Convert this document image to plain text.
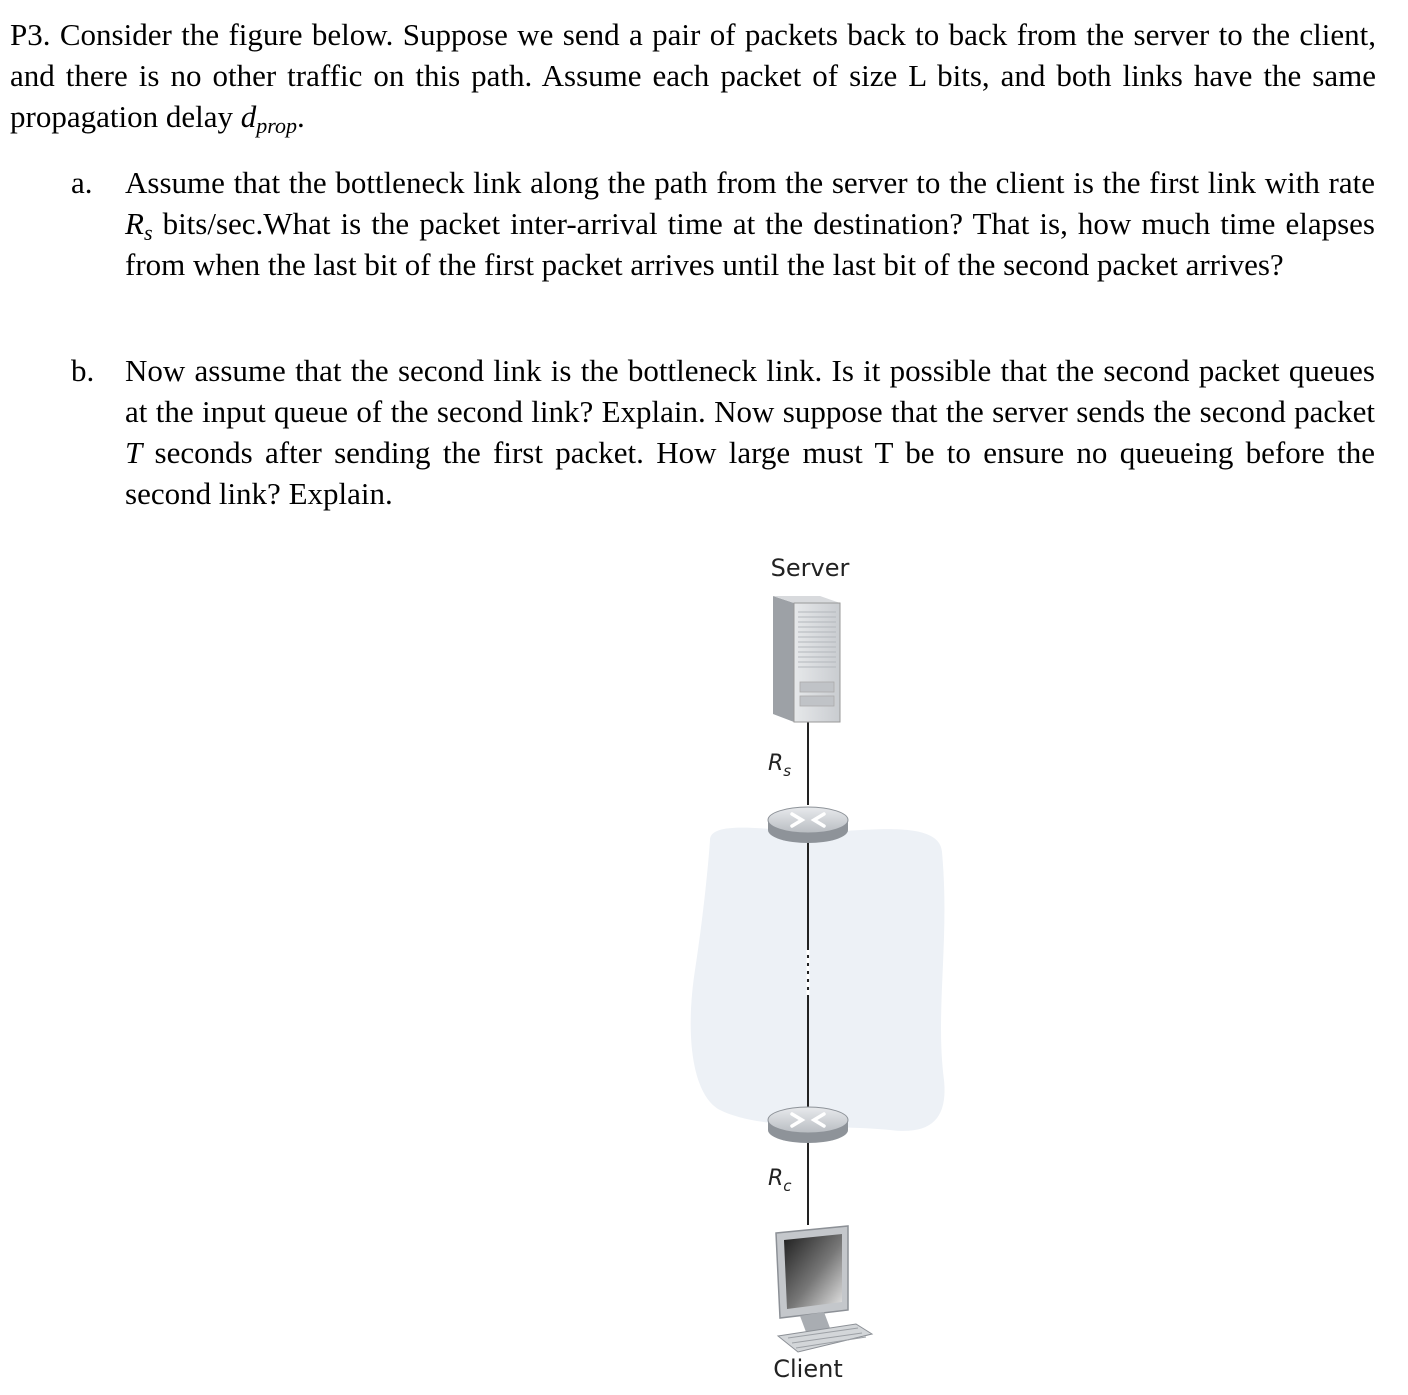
P3. Consider the figure below. Suppose we send a pair of packets back to back from the server to the client, and there is no other traffic on this path. Assume each packet of size L bits, and both links have the same propagation delay $d_{prop}$.

a. Assume that the bottleneck link along the path from the server to the client is the first link with rate $R_s$ bits/sec.What is the packet inter-arrival time at the destination? That is, how much time elapses from when the last bit of the first packet arrives until the last bit of the second packet arrives?
b. Now assume that the second link is the bottleneck link. Is it possible that the second packet queues at the input queue of the second link? Explain. Now suppose that the server sends the second packet T seconds after sending the first packet. How large must T be to ensure no queueing before the second link? Explain.
Server
$R_s$
$R_c$
Client
